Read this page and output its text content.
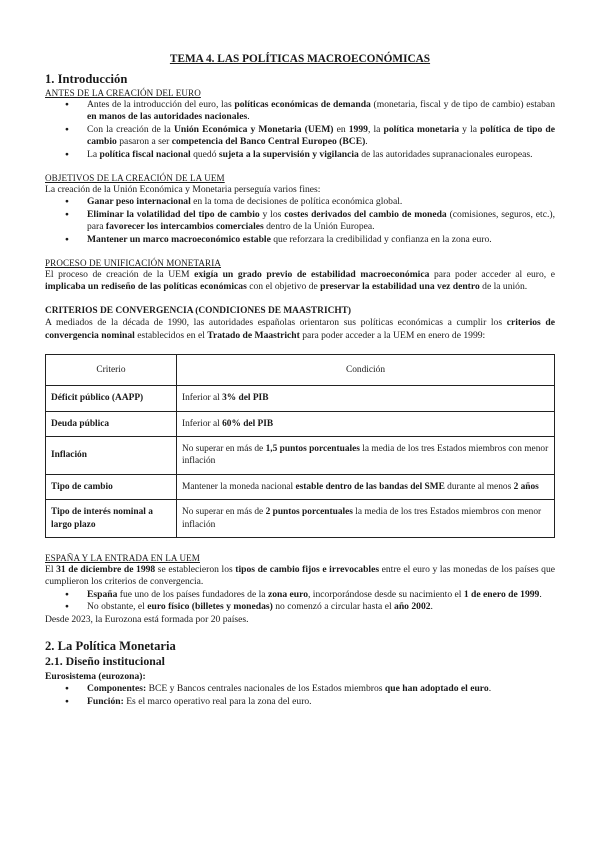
TEMA 4. LAS POLÍTICAS MACROECONÓMICAS
1. Introducción
ANTES DE LA CREACIÓN DEL EURO
● Antes de la introducción del euro, las políticas económicas de demanda (monetaria, fiscal y de tipo de cambio) estaban en manos de las autoridades nacionales.
● Con la creación de la Unión Económica y Monetaria (UEM) en 1999, la política monetaria y la política de tipo de cambio pasaron a ser competencia del Banco Central Europeo (BCE).
● La política fiscal nacional quedó sujeta a la supervisión y vigilancia de las autoridades supranacionales europeas.
OBJETIVOS DE LA CREACIÓN DE LA UEM

La creación de la Unión Económica y Monetaria perseguía varios fines:

● Ganar peso internacional en la toma de decisiones de política económica global.
● Eliminar la volatilidad del tipo de cambio y los costes derivados del cambio de moneda (comisiones, seguros, etc.), para favorecer los intercambios comerciales dentro de la Unión Europea.
● Mantener un marco macroeconómico estable que reforzara la credibilidad y confianza en la zona euro.
PROCESO DE UNIFICACIÓN MONETARIA

El proceso de creación de la UEM exigía un grado previo de estabilidad macroeconómica para poder acceder al euro, e implicaba un rediseño de las políticas económicas con el objetivo de preservar la estabilidad una vez dentro de la unión.

CRITERIOS DE CONVERGENCIA (CONDICIONES DE MAASTRICHT)

A mediados de la década de 1990, las autoridades españolas orientaron sus políticas económicas a cumplir los criterios de convergencia nominal establecidos en el Tratado de Maastricht para poder acceder a la UEM en enero de 1999:

Criterio	Condición
Déficit público (AAPP)	Inferior al 3% del PIB
Deuda pública	Inferior al 60% del PIB
Inflación	No superar en más de 1,5 puntos porcentuales la media de los tres Estados miembros con menor inflación
Tipo de cambio	Mantener la moneda nacional estable dentro de las bandas del SME durante al menos 2 años
Tipo de interés nominal a largo plazo	No superar en más de 2 puntos porcentuales la media de los tres Estados miembros con menor inflación
ESPAÑA Y LA ENTRADA EN LA UEM

El 31 de diciembre de 1998 se establecieron los tipos de cambio fijos e irrevocables entre el euro y las monedas de los países que cumplieron los criterios de convergencia.

● España fue uno de los países fundadores de la zona euro, incorporándose desde su nacimiento el 1 de enero de 1999.
● No obstante, el euro físico (billetes y monedas) no comenzó a circular hasta el año 2002.

Desde 2023, la Eurozona está formada por 20 países.

2. La Política Monetaria
2.1. Diseño institucional

Eurosistema (eurozona):

● Componentes: BCE y Bancos centrales nacionales de los Estados miembros que han adoptado el euro.
● Función: Es el marco operativo real para la zona del euro.
